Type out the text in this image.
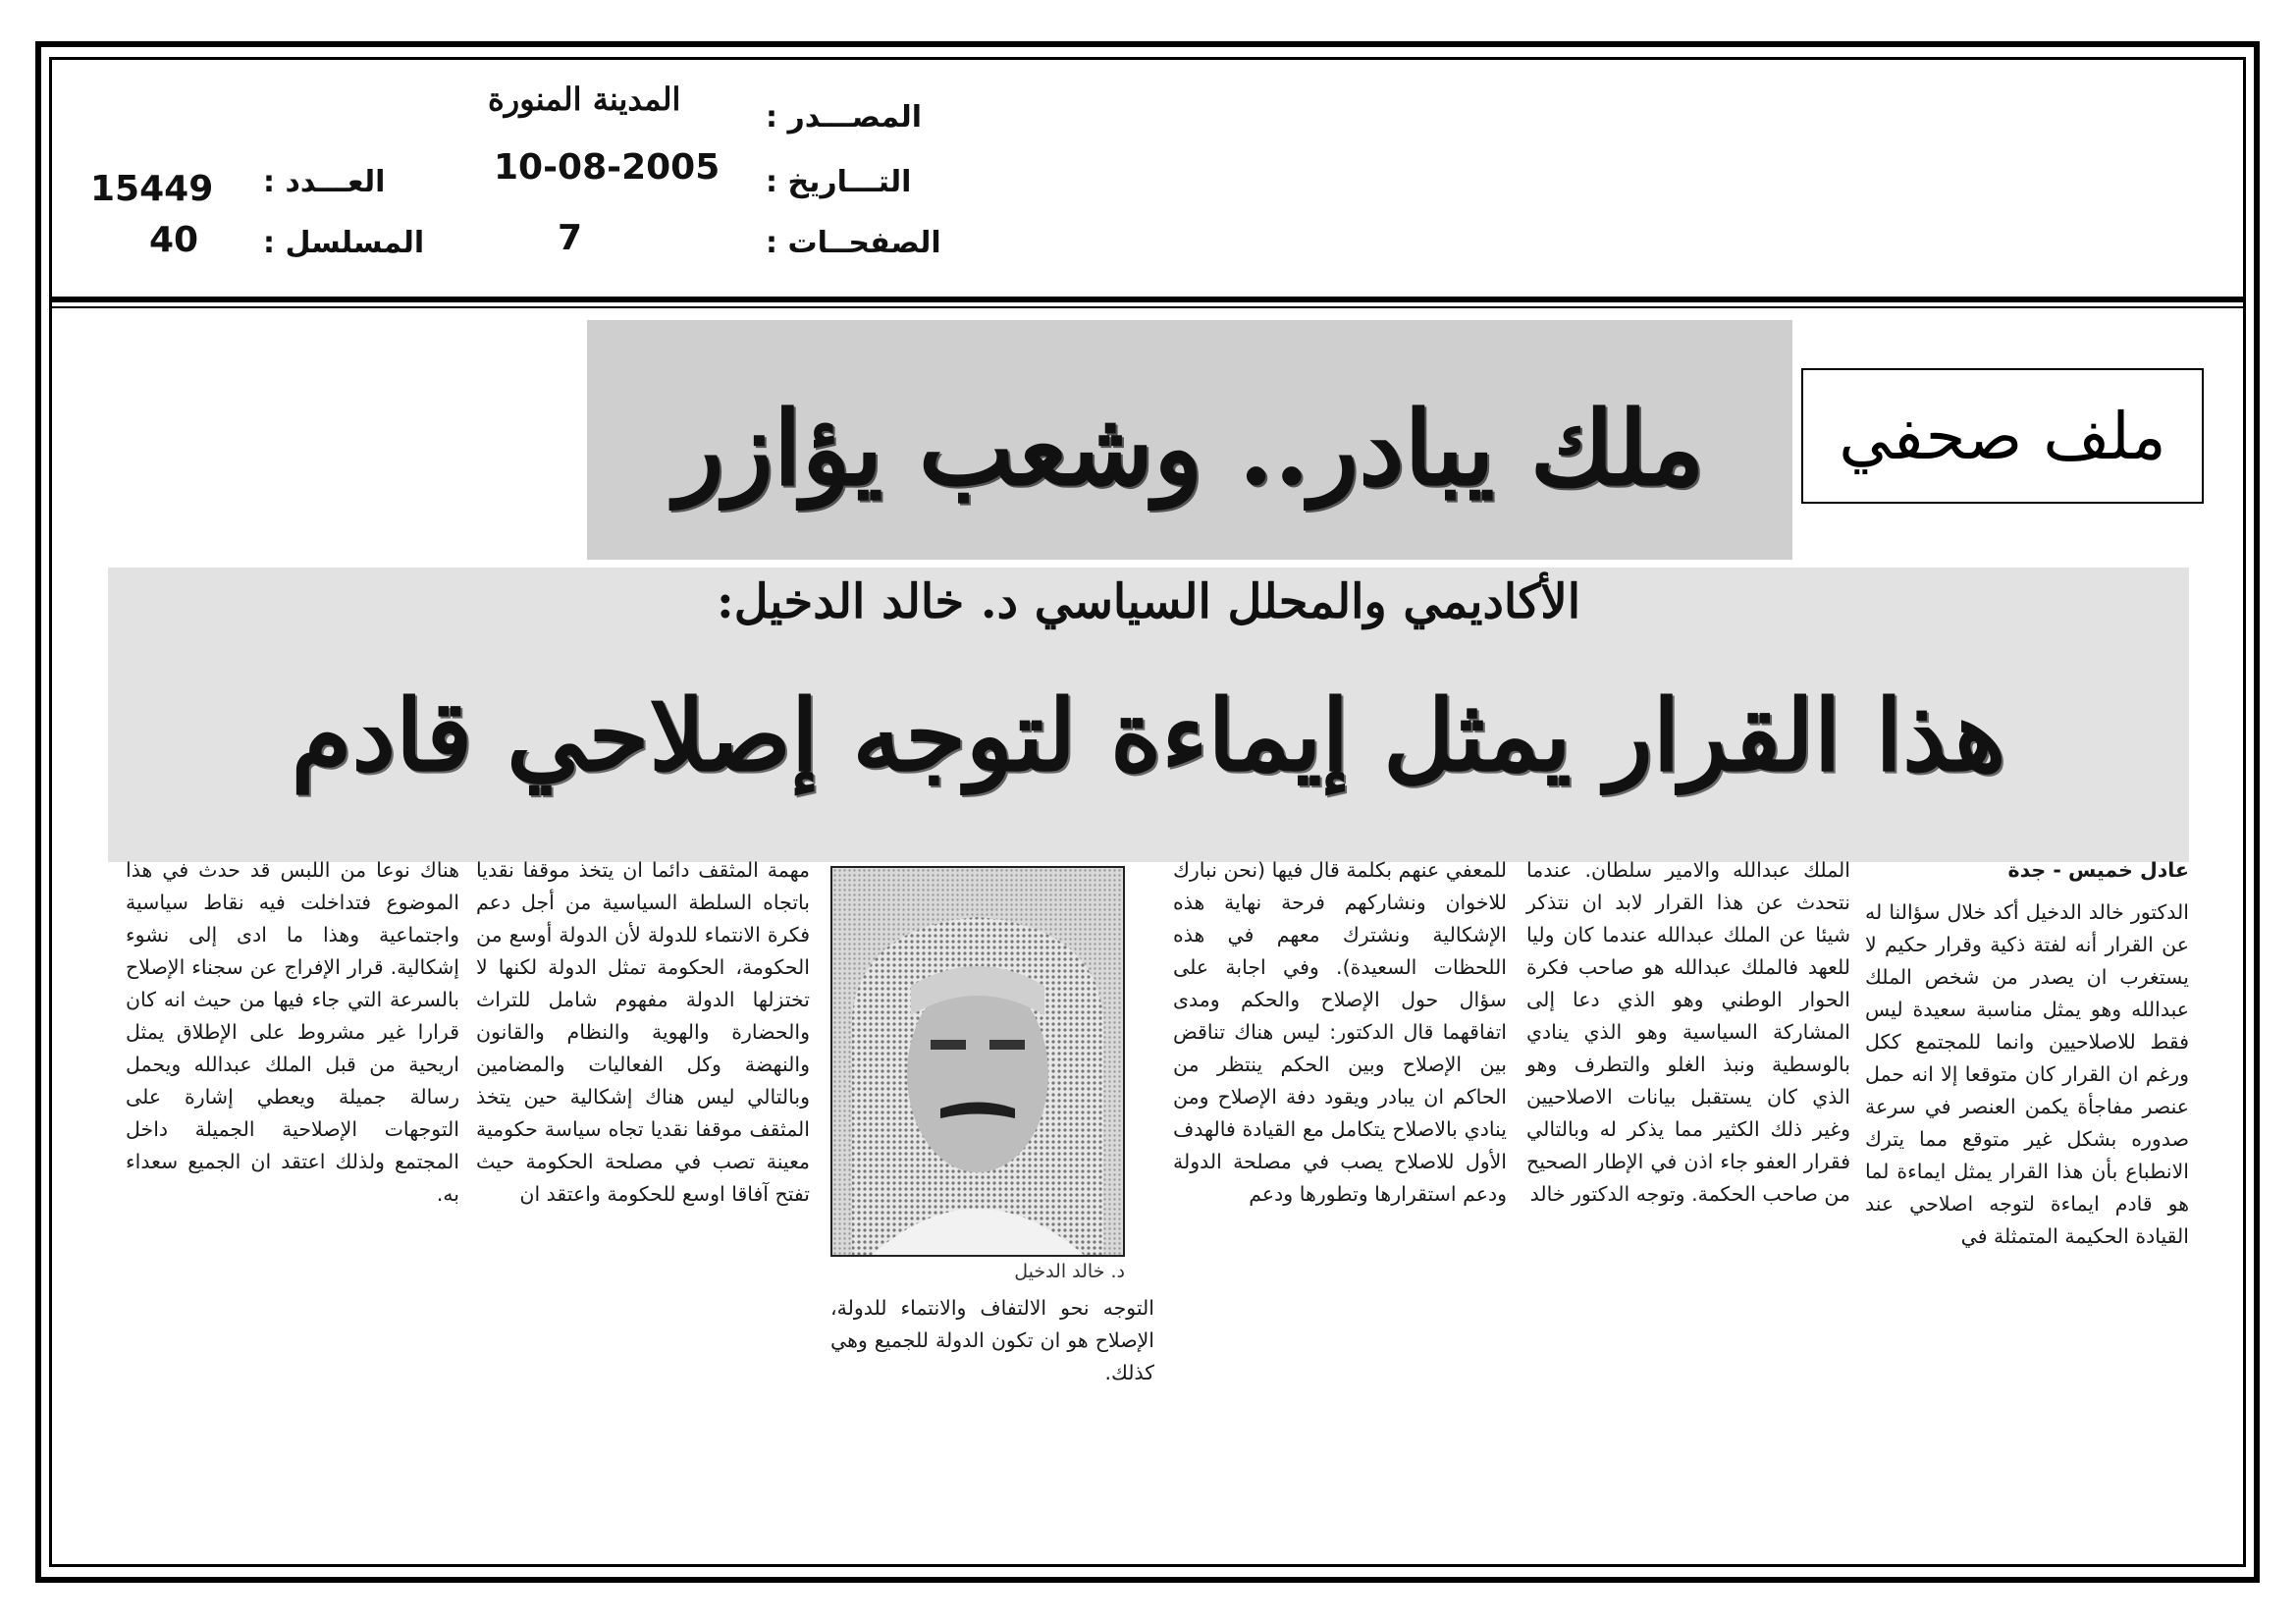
المصـــدر :
المدينة المنورة
التـــاريخ :
10-08-2005
الصفحــات :
7
العـــدد :
15449
المسلسل :
40
ملك يبادر.. وشعب يؤازر	ملف صحفي
الأكاديمي والمحلل السياسي د. خالد الدخيل:
هذا القرار يمثل إيماءة لتوجه إصلاحي قادم
عادل خميس - جدة
الدكتور خالد الدخيل أكد خلال سؤالنا له عن القرار أنه لفتة ذكية وقرار حكيم لا يستغرب ان يصدر من شخص الملك عبدالله وهو يمثل مناسبة سعيدة ليس فقط للاصلاحيين وانما للمجتمع ككل ورغم ان القرار كان متوقعا إلا انه حمل عنصر مفاجأة يكمن العنصر في سرعة صدوره بشكل غير متوقع مما يترك الانطباع بأن هذا القرار يمثل ايماءة لما هو قادم ايماءة لتوجه اصلاحي عند القيادة الحكيمة المتمثلة في
الملك عبدالله والامير سلطان. عندما نتحدث عن هذا القرار لابد ان نتذكر شيئا عن الملك عبدالله عندما كان وليا للعهد فالملك عبدالله هو صاحب فكرة الحوار الوطني وهو الذي دعا إلى المشاركة السياسية وهو الذي ينادي بالوسطية ونبذ الغلو والتطرف وهو الذي كان يستقبل بيانات الاصلاحيين وغير ذلك الكثير مما يذكر له وبالتالي فقرار العفو جاء اذن في الإطار الصحيح من صاحب الحكمة. وتوجه الدكتور خالد
للمعفي عنهم بكلمة قال فيها (نحن نبارك للاخوان ونشاركهم فرحة نهاية هذه الإشكالية ونشترك معهم في هذه اللحظات السعيدة). وفي اجابة على سؤال حول الإصلاح والحكم ومدى اتفاقهما قال الدكتور: ليس هناك تناقض بين الإصلاح وبين الحكم ينتظر من الحاكم ان يبادر ويقود دفة الإصلاح ومن ينادي بالاصلاح يتكامل مع القيادة فالهدف الأول للاصلاح يصب في مصلحة الدولة ودعم استقرارها وتطورها ودعم
د. خالد الدخيل
التوجه نحو الالتفاف والانتماء للدولة، الإصلاح هو ان تكون الدولة للجميع وهي كذلك.
مهمة المثقف دائما ان يتخذ موقفا نقديا باتجاه السلطة السياسية من أجل دعم فكرة الانتماء للدولة لأن الدولة أوسع من الحكومة، الحكومة تمثل الدولة لكنها لا تختزلها الدولة مفهوم شامل للتراث والحضارة والهوية والنظام والقانون والنهضة وكل الفعاليات والمضامين وبالتالي ليس هناك إشكالية حين يتخذ المثقف موقفا نقديا تجاه سياسة حكومية معينة تصب في مصلحة الحكومة حيث تفتح آفاقا اوسع للحكومة واعتقد ان
هناك نوعا من اللبس قد حدث في هذا الموضوع فتداخلت فيه نقاط سياسية واجتماعية وهذا ما ادى إلى نشوء إشكالية. قرار الإفراج عن سجناء الإصلاح بالسرعة التي جاء فيها من حيث انه كان قرارا غير مشروط على الإطلاق يمثل اريحية من قبل الملك عبدالله ويحمل رسالة جميلة ويعطي إشارة على التوجهات الإصلاحية الجميلة داخل المجتمع ولذلك اعتقد ان الجميع سعداء به.
